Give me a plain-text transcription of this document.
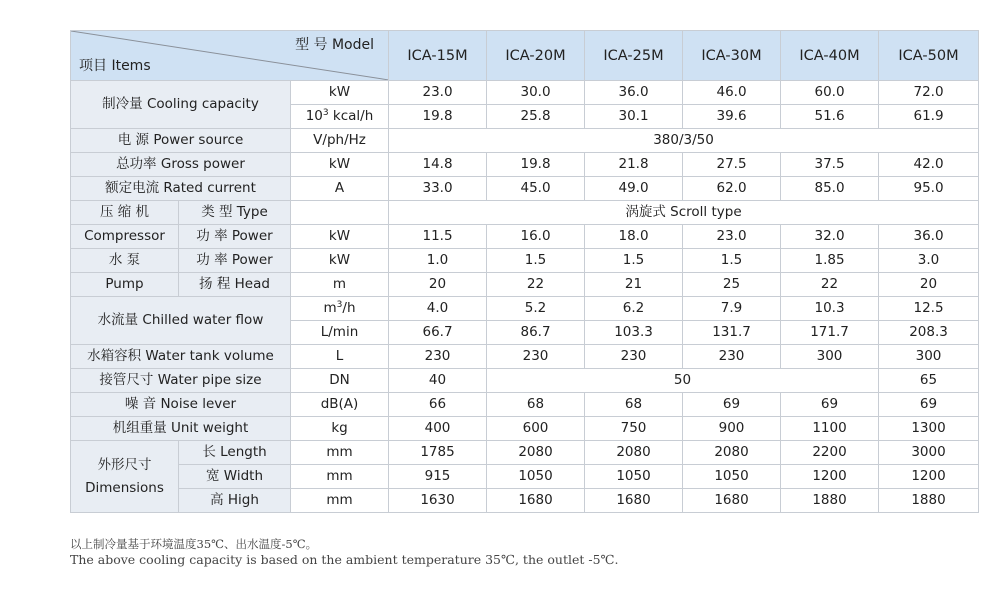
型 号 Model
项目 Items			ICA-15M	ICA-20M	ICA-25M	ICA-30M	ICA-40M	ICA-50M
制冷量 Cooling capacity		kW	23.0	30.0	36.0	46.0	60.0	72.0
		$10^3$ kcal/h	19.8	25.8	30.1	39.6	51.6	61.9
电 源 Power source		V/ph/Hz	380/3/50					
总功率 Gross power		kW	14.8	19.8	21.8	27.5	37.5	42.0
额定电流 Rated current		A	33.0	45.0	49.0	62.0	85.0	95.0
压 缩 机	类 型 Type		涡旋式 Scroll type					
Compressor	功 率 Power	kW	11.5	16.0	18.0	23.0	32.0	36.0
水 泵	功 率 Power	kW	1.0	1.5	1.5	1.5	1.85	3.0
Pump	扬 程 Head	m	20	22	21	25	22	20
水流量 Chilled water flow		$m^3/h$	4.0	5.2	6.2	7.9	10.3	12.5
		L/min	66.7	86.7	103.3	131.7	171.7	208.3
水箱容积 Water tank volume		L	230	230	230	230	300	300
接管尺寸 Water pipe size		DN	40	50				65
噪 音 Noise lever		dB(A)	66	68	68	69	69	69
机组重量 Unit weight		kg	400	600	750	900	1100	1300

外形尺寸
Dimensions	长 Length	mm	1785	2080	2080	2080	2200	3000
	宽 Width	mm	915	1050	1050	1050	1200	1200
	高 High	mm	1630	1680	1680	1680	1880	1880
以上制冷量基于环境温度35℃、出水温度-5℃。
The above cooling capacity is based on the ambient temperature 35℃, the outlet -5℃.
